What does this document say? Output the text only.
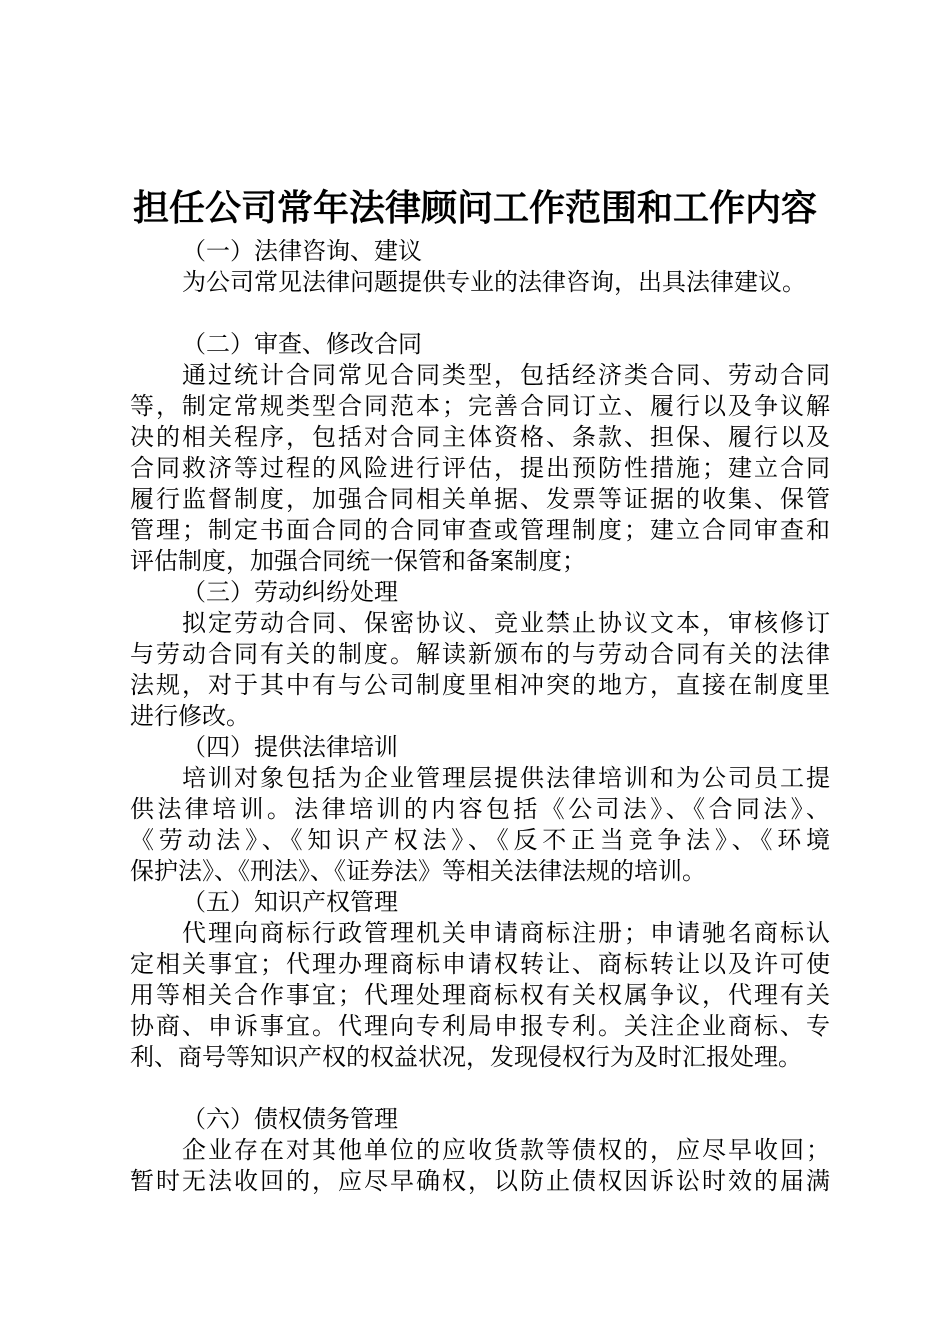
担任公司常年法律顾问工作范围和工作内容
（一）法律咨询、建议
为公司常见法律问题提供专业的法律咨询，出具法律建议。
（二）审查、修改合同
通过统计合同常见合同类型，包括经济类合同、劳动合同
等，制定常规类型合同范本；完善合同订立、履行以及争议解
决的相关程序，包括对合同主体资格、条款、担保、履行以及
合同救济等过程的风险进行评估，提出预防性措施；建立合同
履行监督制度，加强合同相关单据、发票等证据的收集、保管
管理；制定书面合同的合同审查或管理制度；建立合同审查和
评估制度，加强合同统一保管和备案制度；
（三）劳动纠纷处理
拟定劳动合同、保密协议、竞业禁止协议文本，审核修订
与劳动合同有关的制度。解读新颁布的与劳动合同有关的法律
法规，对于其中有与公司制度里相冲突的地方，直接在制度里
进行修改。
（四）提供法律培训
培训对象包括为企业管理层提供法律培训和为公司员工提
供法律培训。法律培训的内容包括《公司法》、《合同法》、
《劳动法》、《知识产权法》、《反不正当竞争法》、《环境
保护法》、《刑法》、《证券法》等相关法律法规的培训。
（五）知识产权管理
代理向商标行政管理机关申请商标注册；申请驰名商标认
定相关事宜；代理办理商标申请权转让、商标转让以及许可使
用等相关合作事宜；代理处理商标权有关权属争议，代理有关
协商、申诉事宜。代理向专利局申报专利。关注企业商标、专
利、商号等知识产权的权益状况，发现侵权行为及时汇报处理。
（六）债权债务管理
企业存在对其他单位的应收货款等债权的，应尽早收回；
暂时无法收回的，应尽早确权，以防止债权因诉讼时效的届满
